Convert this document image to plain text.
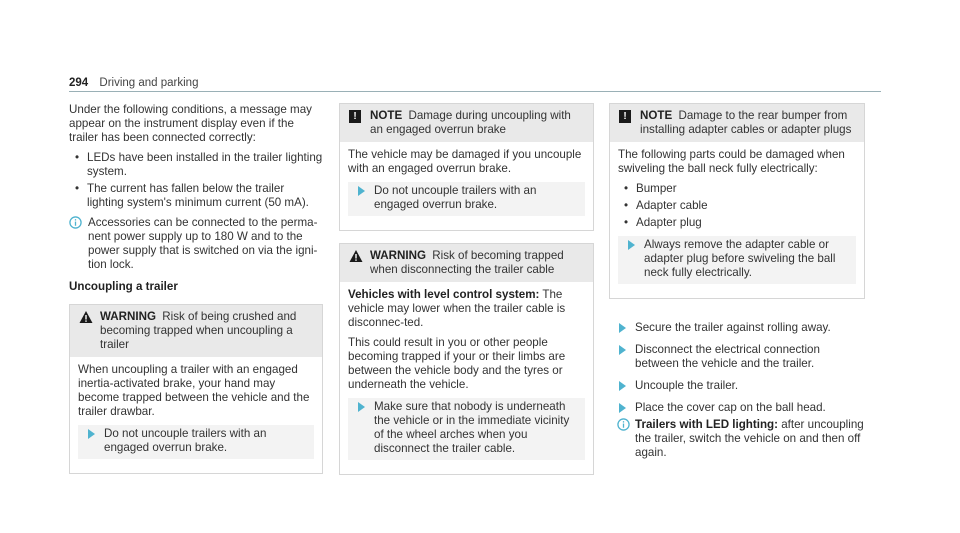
294 Driving and parking

Under the following conditions, a message may appear on the instrument display even if the trailer has been connected correctly:

• LEDs have been installed in the trailer lighting system.
• The current has fallen below the trailer lighting system's minimum current (50 mA).
Accessories can be connected to the perma-nent power supply up to 180 W and to the power supply that is switched on via the igni-tion lock.
Uncoupling a trailer
WARNING Risk of being crushed and becoming trapped when uncoupling a trailer

When uncoupling a trailer with an engaged inertia-activated brake, your hand may become trapped between the vehicle and the trailer drawbar.

Do not uncouple trailers with an engaged overrun brake.
!	NOTE Damage during uncoupling with an engaged overrun brake

The vehicle may be damaged if you uncouple with an engaged overrun brake.

Do not uncouple trailers with an engaged overrun brake.
WARNING Risk of becoming trapped when disconnecting the trailer cable

Vehicles with level control system: The vehicle may lower when the trailer cable is disconnec-ted.

This could result in you or other people becoming trapped if your or their limbs are between the vehicle body and the tyres or underneath the vehicle.

Make sure that nobody is underneath the vehicle or in the immediate vicinity of the wheel arches when you disconnect the trailer cable.
!	NOTE Damage to the rear bumper from installing adapter cables or adapter plugs

The following parts could be damaged when swiveling the ball neck fully electrically:

• Bumper
• Adapter cable
• Adapter plug
Always remove the adapter cable or adapter plug before swiveling the ball neck fully electrically.
Secure the trailer against rolling away.
Disconnect the electrical connection between the vehicle and the trailer.
Uncouple the trailer.
Place the cover cap on the ball head.
Trailers with LED lighting: after uncoupling the trailer, switch the vehicle on and then off again.
